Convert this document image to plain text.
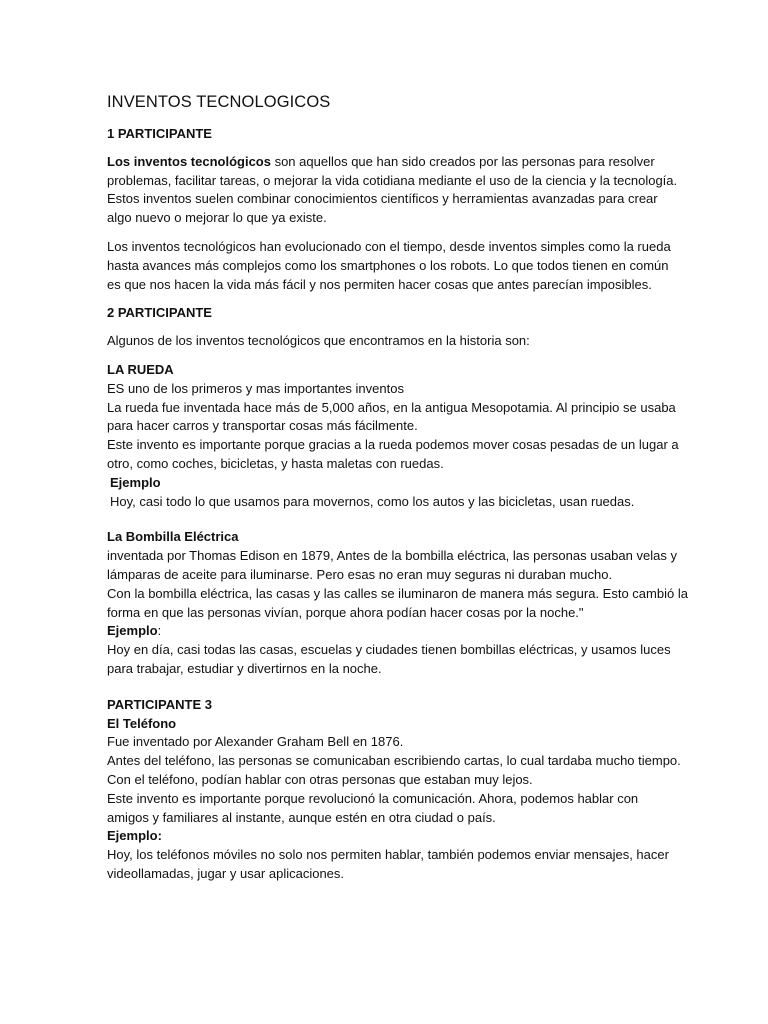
INVENTOS TECNOLOGICOS
1 PARTICIPANTE
Los inventos tecnológicos son aquellos que han sido creados por las personas para resolver
problemas, facilitar tareas, o mejorar la vida cotidiana mediante el uso de la ciencia y la tecnología.
Estos inventos suelen combinar conocimientos científicos y herramientas avanzadas para crear
algo nuevo o mejorar lo que ya existe.
Los inventos tecnológicos han evolucionado con el tiempo, desde inventos simples como la rueda
hasta avances más complejos como los smartphones o los robots. Lo que todos tienen en común
es que nos hacen la vida más fácil y nos permiten hacer cosas que antes parecían imposibles.
2 PARTICIPANTE
Algunos de los inventos tecnológicos que encontramos en la historia son:
LA RUEDA
ES uno de los primeros y mas importantes inventos
La rueda fue inventada hace más de 5,000 años, en la antigua Mesopotamia. Al principio se usaba
para hacer carros y transportar cosas más fácilmente.
Este invento es importante porque gracias a la rueda podemos mover cosas pesadas de un lugar a
otro, como coches, bicicletas, y hasta maletas con ruedas.
Ejemplo
Hoy, casi todo lo que usamos para movernos, como los autos y las bicicletas, usan ruedas.
La Bombilla Eléctrica
inventada por Thomas Edison en 1879, Antes de la bombilla eléctrica, las personas usaban velas y
lámparas de aceite para iluminarse. Pero esas no eran muy seguras ni duraban mucho.
Con la bombilla eléctrica, las casas y las calles se iluminaron de manera más segura. Esto cambió la
forma en que las personas vivían, porque ahora podían hacer cosas por la noche."
Ejemplo:
Hoy en día, casi todas las casas, escuelas y ciudades tienen bombillas eléctricas, y usamos luces
para trabajar, estudiar y divertirnos en la noche.
PARTICIPANTE 3
El Teléfono
Fue inventado por Alexander Graham Bell en 1876.
Antes del teléfono, las personas se comunicaban escribiendo cartas, lo cual tardaba mucho tiempo.
Con el teléfono, podían hablar con otras personas que estaban muy lejos.
Este invento es importante porque revolucionó la comunicación. Ahora, podemos hablar con
amigos y familiares al instante, aunque estén en otra ciudad o país.
Ejemplo:
Hoy, los teléfonos móviles no solo nos permiten hablar, también podemos enviar mensajes, hacer
videollamadas, jugar y usar aplicaciones.
